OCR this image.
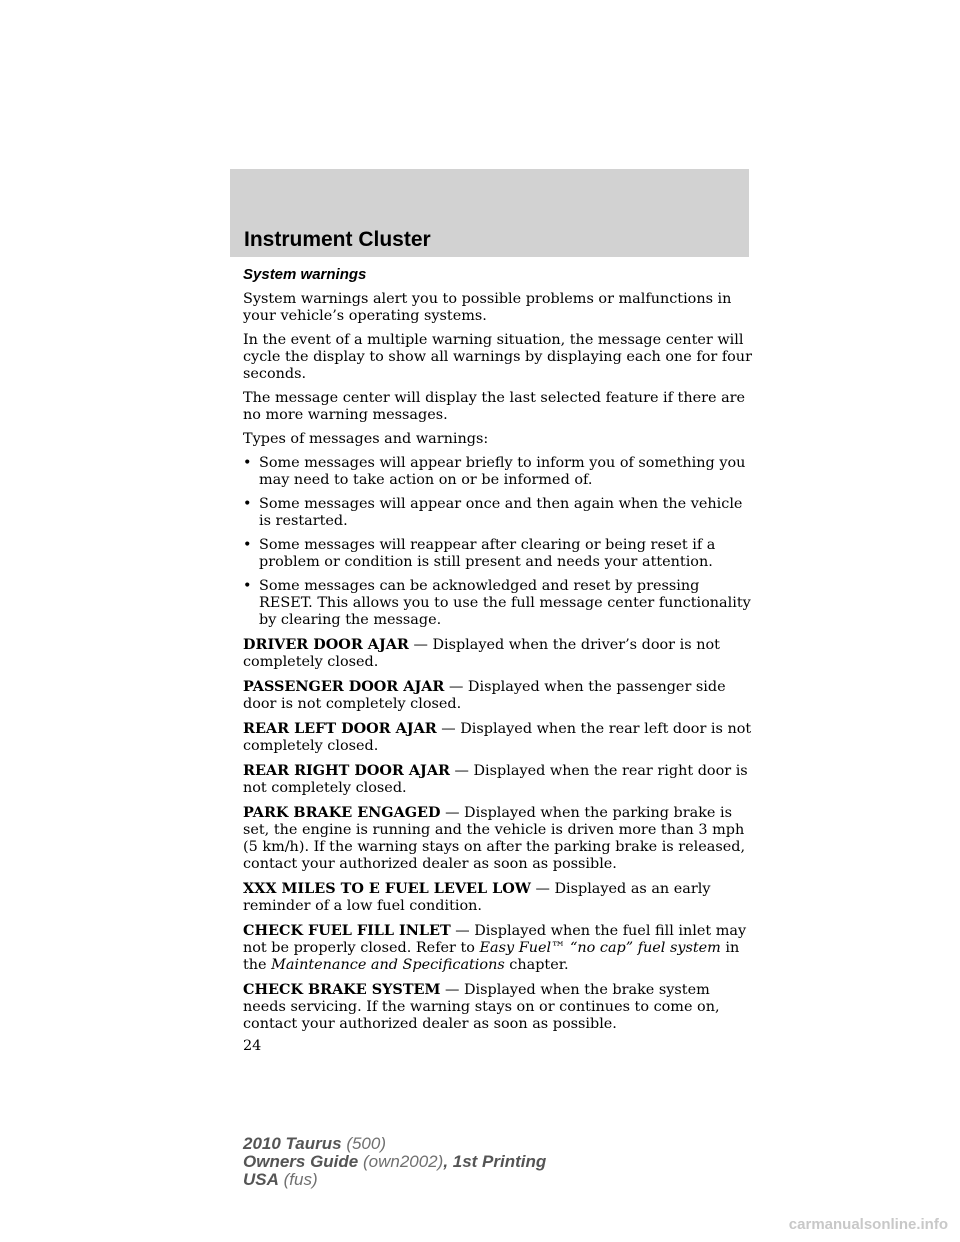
Instrument Cluster
System warnings

System warnings alert you to possible problems or malfunctions in your vehicle’s operating systems.

In the event of a multiple warning situation, the message center will cycle the display to show all warnings by displaying each one for four seconds.

The message center will display the last selected feature if there are no more warning messages.

Types of messages and warnings:

• Some messages will appear briefly to inform you of something you may need to take action on or be informed of.
• Some messages will appear once and then again when the vehicle is restarted.
• Some messages will reappear after clearing or being reset if a problem or condition is still present and needs your attention.
• Some messages can be acknowledged and reset by pressing RESET. This allows you to use the full message center functionality by clearing the message.

DRIVER DOOR AJAR — Displayed when the driver’s door is not completely closed.

PASSENGER DOOR AJAR — Displayed when the passenger side door is not completely closed.

REAR LEFT DOOR AJAR — Displayed when the rear left door is not completely closed.

REAR RIGHT DOOR AJAR — Displayed when the rear right door is not completely closed.

PARK BRAKE ENGAGED — Displayed when the parking brake is set, the engine is running and the vehicle is driven more than 3 mph (5 km/h). If the warning stays on after the parking brake is released, contact your authorized dealer as soon as possible.

XXX MILES TO E FUEL LEVEL LOW — Displayed as an early reminder of a low fuel condition.

CHECK FUEL FILL INLET — Displayed when the fuel fill inlet may not be properly closed. Refer to Easy Fuel™ “no cap” fuel system in the Maintenance and Specifications chapter.

CHECK BRAKE SYSTEM — Displayed when the brake system needs servicing. If the warning stays on or continues to come on, contact your authorized dealer as soon as possible.

24
2010 Taurus (500)
Owners Guide (own2002), 1st Printing
USA (fus)
carmanualsonline.info
